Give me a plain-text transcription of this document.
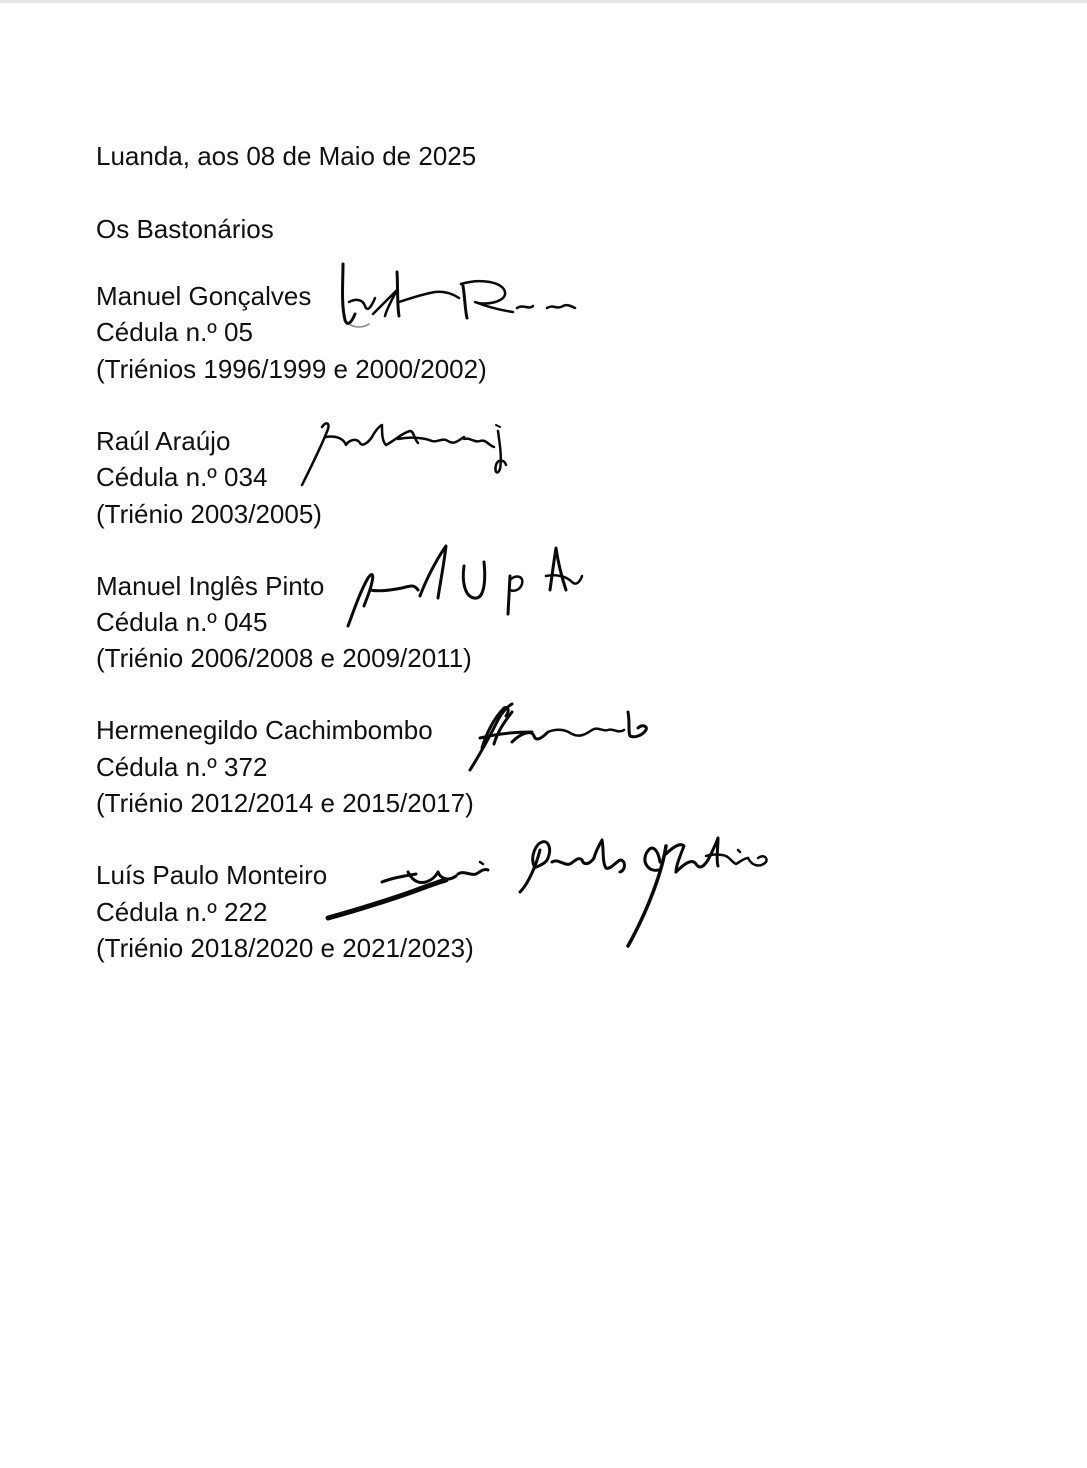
Luanda, aos 08 de Maio de 2025
Os Bastonários
Manuel Gonçalves
Cédula n.º 05
(Triénios 1996/1999 e 2000/2002)
Raúl Araújo
Cédula n.º 034
(Triénio 2003/2005)
Manuel Inglês Pinto
Cédula n.º 045
(Triénio 2006/2008 e 2009/2011)
Hermenegildo Cachimbombo
Cédula n.º 372
(Triénio 2012/2014 e 2015/2017)
Luís Paulo Monteiro
Cédula n.º 222
(Triénio 2018/2020 e 2021/2023)
